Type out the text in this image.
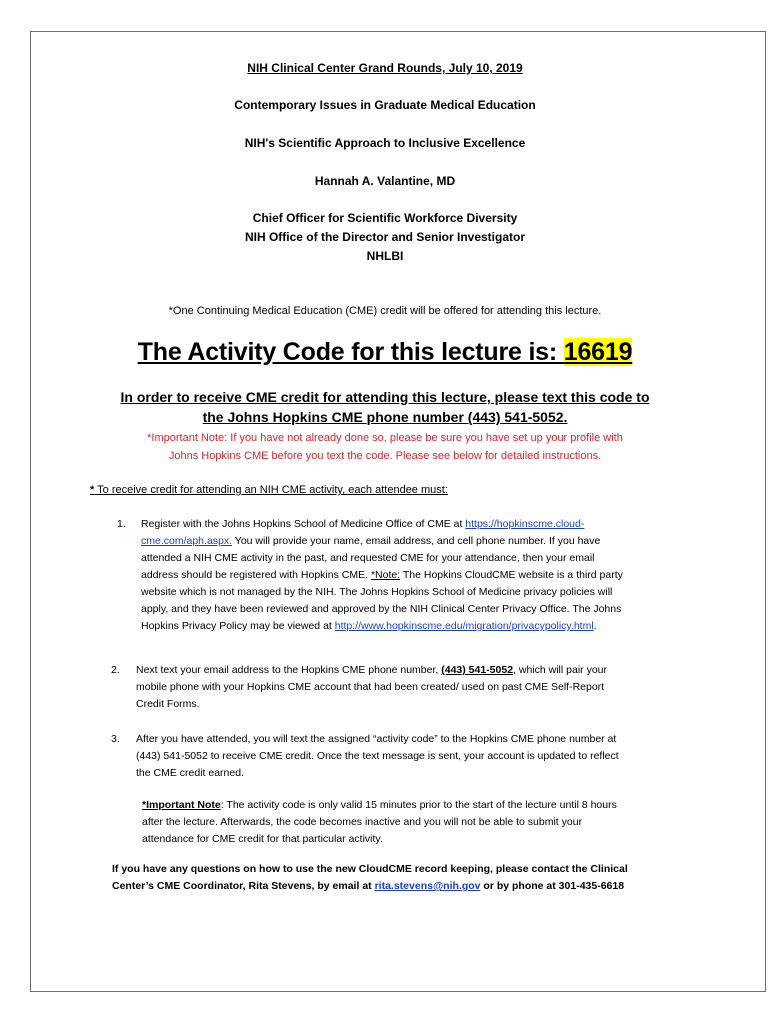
NIH Clinical Center Grand Rounds, July 10, 2019
Contemporary Issues in Graduate Medical Education
NIH's Scientific Approach to Inclusive Excellence
Hannah A. Valantine, MD
Chief Officer for Scientific Workforce Diversity
NIH Office of the Director and Senior Investigator
NHLBI
*One Continuing Medical Education (CME) credit will be offered for attending this lecture.
The Activity Code for this lecture is: 16619
In order to receive CME credit for attending this lecture, please text this code to
the Johns Hopkins CME phone number (443) 541-5052.
*Important Note: If you have not already done so, please be sure you have set up your profile with
Johns Hopkins CME before you text the code. Please see below for detailed instructions.
* To receive credit for attending an NIH CME activity, each attendee must:
1. Register with the Johns Hopkins School of Medicine Office of CME at https://hopkinscme.cloud-
cme.com/aph.aspx. You will provide your name, email address, and cell phone number. If you have
attended a NIH CME activity in the past, and requested CME for your attendance, then your email
address should be registered with Hopkins CME. *Note: The Hopkins CloudCME website is a third party
website which is not managed by the NIH. The Johns Hopkins School of Medicine privacy policies will
apply, and they have been reviewed and approved by the NIH Clinical Center Privacy Office. The Johns
Hopkins Privacy Policy may be viewed at http://www.hopkinscme.edu/migration/privacypolicy.html.
2. Next text your email address to the Hopkins CME phone number, (443) 541-5052, which will pair your
mobile phone with your Hopkins CME account that had been created/ used on past CME Self-Report
Credit Forms.
3. After you have attended, you will text the assigned “activity code” to the Hopkins CME phone number at
(443) 541-5052 to receive CME credit. Once the text message is sent, your account is updated to reflect
the CME credit earned.
*Important Note: The activity code is only valid 15 minutes prior to the start of the lecture until 8 hours
after the lecture. Afterwards, the code becomes inactive and you will not be able to submit your
attendance for CME credit for that particular activity.
If you have any questions on how to use the new CloudCME record keeping, please contact the Clinical
Center’s CME Coordinator, Rita Stevens, by email at rita.stevens@nih.gov or by phone at 301-435-6618
